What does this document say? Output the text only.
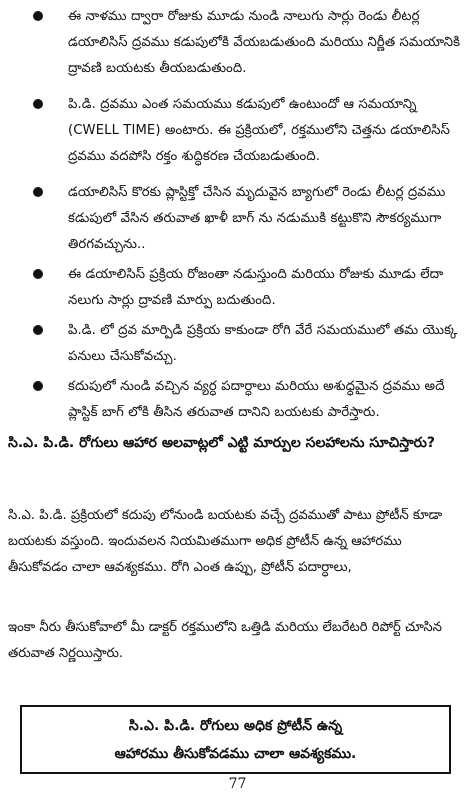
ఈ నాళము ద్వారా రోజుకు మూడు నుండి నాలుగు సార్లు రెండు లీటర్ల డయాలిసిస్ ద్రవము కడుపులోకి వేయబడుతుంది మరియు నిర్ణీత సమయానికి ద్రావణి బయటకు తీయబడుతుంది.
పి.డి. ద్రవము ఎంత సమయము కడుపులో ఉంటుందో ఆ సమయాన్ని (CWELL TIME) అంటారు. ఈ ప్రక్రియలో, రక్తములోని చెత్తను డయాలిసిస్ ద్రవము వదపోసి రక్తం శుద్ధికరణ చేయబడుతుంది.
డయాలిసిస్ కొరకు ప్లాస్టిక్తో చేసిన మృదువైన బ్యాగులో రెండు లీటర్ల ద్రవము కడుపులో వేసిన తరువాత ఖాళీ బాగ్ ను నడుముకి కట్టుకొని సౌకర్యముగా తిరగవచ్చును..
ఈ డయాలిసిస్ ప్రక్రియ రోజంతా నడుస్తుంది మరియు రోజుకు మూడు లేదా నలుగు సార్లు ద్రావణి మార్పు బదుతుంది.
పి.డి. లో ద్రవ మార్పిడి ప్రక్రియ కాకుండా రోగి వేరే సమయములో తమ యొక్క పనులు చేసుకోవచ్చు.
కదుపులో నుండి వచ్చిన వ్యర్ధ పదార్ధాలు మరియు అశుధ్ధమైన ద్రవము అదే ప్లాస్టిక్ బాగ్ లోకి తీసిన తరువాత దానిని బయటకు పారేస్తారు.
సి.ఎ. పి.డి. రోగులు ఆహార అలవాట్లలో ఎట్టి మార్పుల సలహాలను సూచిస్తారు?
సి.ఎ. పి.డి. ప్రక్రియలో కదుపు లోనుండి బయటకు వచ్చే ద్రవముతో పాటు ప్రోటీన్ కూడా బయటకు వస్తుంది. ఇందువలన నియమితముగా అధిక ప్రోటీన్ ఉన్న ఆహారము తీసుకోవడం చాలా ఆవశ్యకము. రోగి ఎంత ఉప్పు, ప్రోటీన్ పదార్ధాలు,
ఇంకా నీరు తీసుకోవాలో మీ డాక్టర్ రక్తములోని ఒత్తిడి మరియు లేబరేటరి రిపోర్ట్ చూసిన తరువాత నిర్ణయిస్తారు.
సి.ఎ. పి.డి. రోగులు అధిక ప్రోటీన్ ఉన్న
ఆహారము తీసుకోవడము చాలా ఆవశ్యకము.
77
